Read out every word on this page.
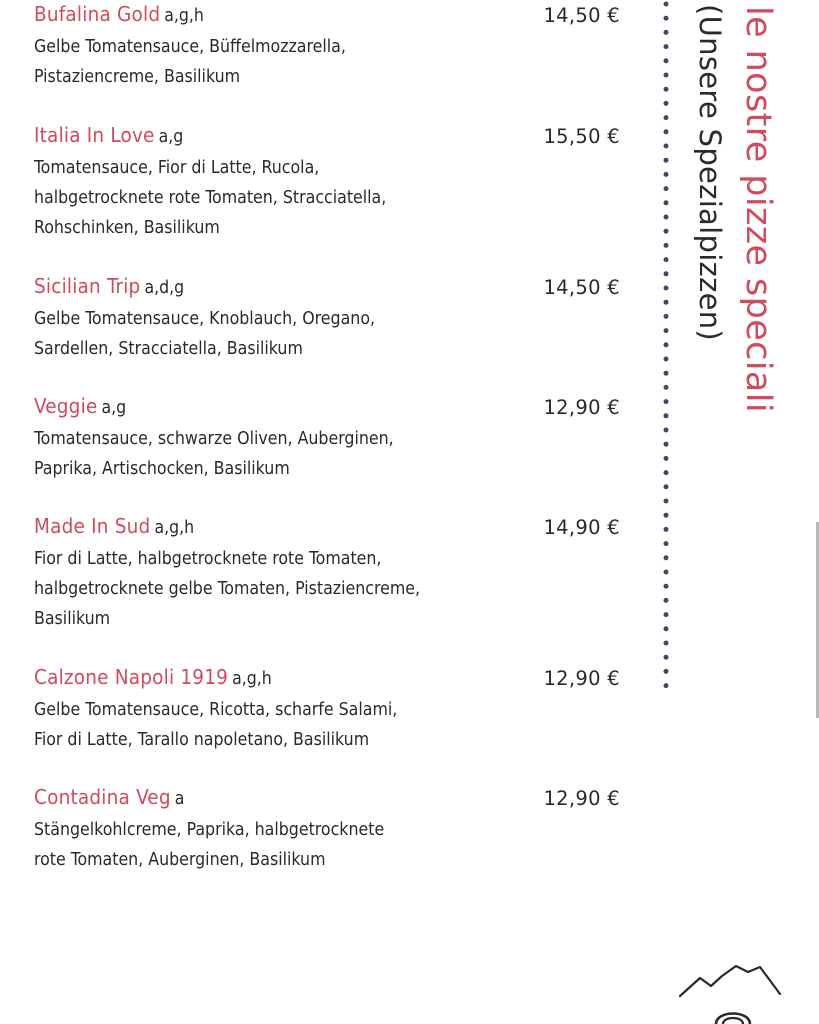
Bufalina Gold a,g,h	14,50 €
Gelbe Tomatensauce, Büffelmozzarella,
Pistaziencreme, Basilikum
Italia In Love a,g	15,50 €
Tomatensauce, Fior di Latte, Rucola,
halbgetrocknete rote Tomaten, Stracciatella,
Rohschinken, Basilikum
Sicilian Trip a,d,g	14,50 €
Gelbe Tomatensauce, Knoblauch, Oregano,
Sardellen, Stracciatella, Basilikum
Veggie a,g	12,90 €
Tomatensauce, schwarze Oliven, Auberginen,
Paprika, Artischocken, Basilikum
Made In Sud a,g,h	14,90 €
Fior di Latte, halbgetrocknete rote Tomaten,
halbgetrocknete gelbe Tomaten, Pistaziencreme,
Basilikum
Calzone Napoli 1919 a,g,h	12,90 €
Gelbe Tomatensauce, Ricotta, scharfe Salami,
Fior di Latte, Tarallo napoletano, Basilikum
Contadina Veg a	12,90 €
Stängelkohlcreme, Paprika, halbgetrocknete
rote Tomaten, Auberginen, Basilikum
le nostre pizze speciali
(Unsere Spezialpizzen)
